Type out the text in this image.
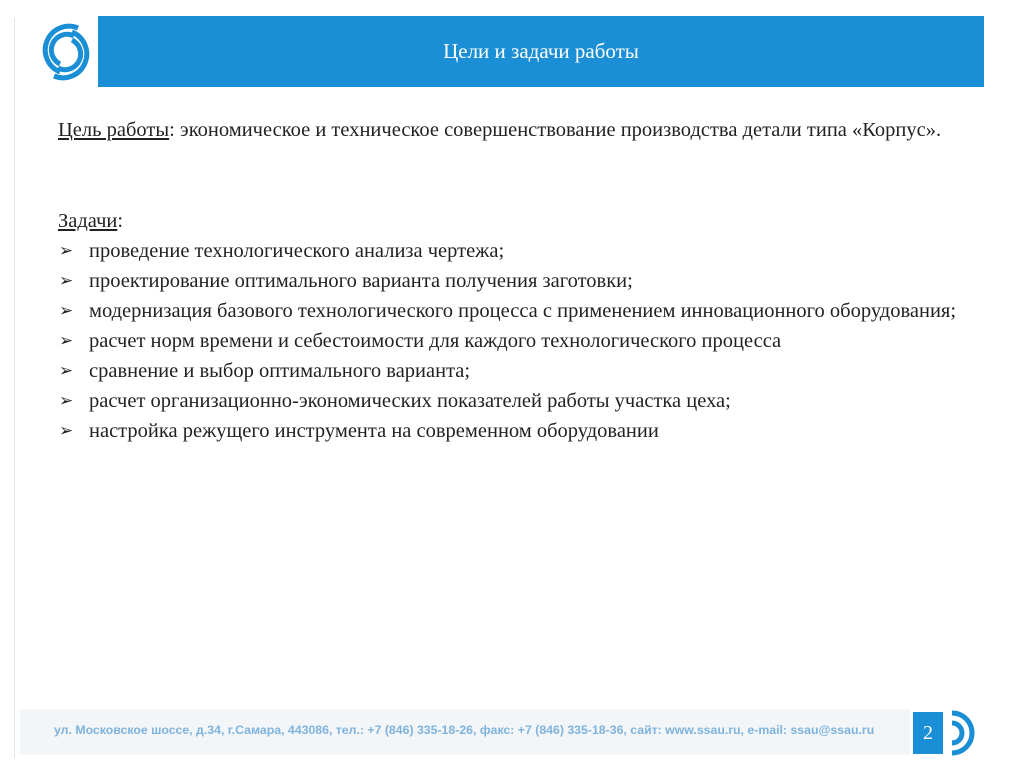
Цели и задачи работы

Цель работы: экономическое и техническое совершенствование производства детали типа «Корпус».

Задачи:
➢ проведение технологического анализа чертежа;
➢ проектирование оптимального варианта получения заготовки;
➢ модернизация базового технологического процесса с применением инновационного оборудования;
➢ расчет норм времени и себестоимости для каждого технологического процесса
➢ сравнение и выбор оптимального варианта;
➢ расчет организационно-экономических показателей работы участка цеха;
➢ настройка режущего инструмента на современном оборудовании
ул. Московское шоссе, д.34, г.Самара, 443086, тел.: +7 (846) 335-18-26, факс: +7 (846) 335-18-36, сайт: www.ssau.ru, e-mail: ssau@ssau.ru	2
